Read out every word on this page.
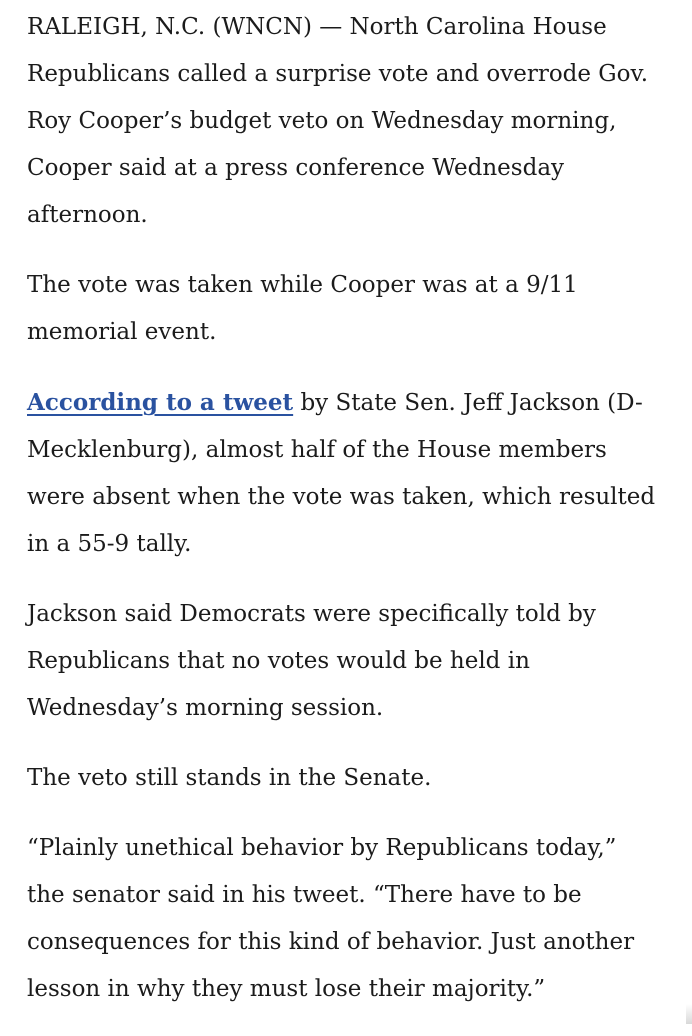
RALEIGH, N.C. (WNCN) — North Carolina House
Republicans called a surprise vote and overrode Gov.
Roy Cooper’s budget veto on Wednesday morning,
Cooper said at a press conference Wednesday
afternoon.

The vote was taken while Cooper was at a 9/11
memorial event.

According to a tweet by State Sen. Jeff Jackson (D-
Mecklenburg), almost half of the House members
were absent when the vote was taken, which resulted
in a 55-9 tally.

Jackson said Democrats were specifically told by
Republicans that no votes would be held in
Wednesday’s morning session.

The veto still stands in the Senate.

“Plainly unethical behavior by Republicans today,”
the senator said in his tweet. “There have to be
consequences for this kind of behavior. Just another
lesson in why they must lose their majority.”
